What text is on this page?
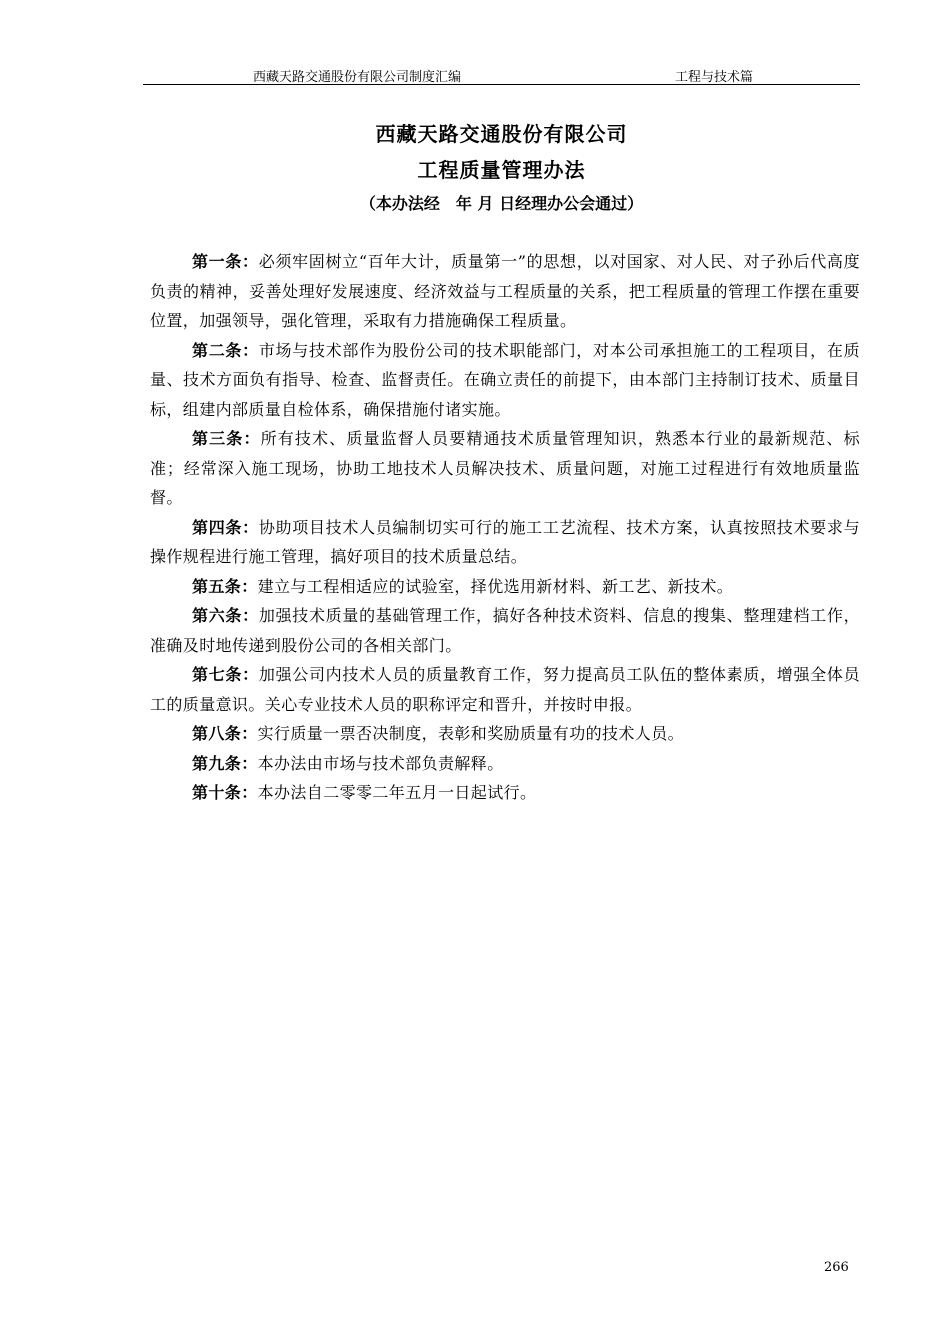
西藏天路交通股份有限公司制度汇编	工程与技术篇
西藏天路交通股份有限公司
工程质量管理办法
（本办法经　年 月 日经理办公会通过）

第一条：必须牢固树立“百年大计，质量第一”的思想，以对国家、对人民、对子孙后代高度负责的精神，妥善处理好发展速度、经济效益与工程质量的关系，把工程质量的管理工作摆在重要位置，加强领导，强化管理，采取有力措施确保工程质量。

第二条：市场与技术部作为股份公司的技术职能部门，对本公司承担施工的工程项目，在质量、技术方面负有指导、检查、监督责任。在确立责任的前提下，由本部门主持制订技术、质量目标，组建内部质量自检体系，确保措施付诸实施。

第三条：所有技术、质量监督人员要精通技术质量管理知识，熟悉本行业的最新规范、标准；经常深入施工现场，协助工地技术人员解决技术、质量问题，对施工过程进行有效地质量监督。

第四条：协助项目技术人员编制切实可行的施工工艺流程、技术方案，认真按照技术要求与操作规程进行施工管理，搞好项目的技术质量总结。

第五条：建立与工程相适应的试验室，择优选用新材料、新工艺、新技术。

第六条：加强技术质量的基础管理工作，搞好各种技术资料、信息的搜集、整理建档工作，准确及时地传递到股份公司的各相关部门。

第七条：加强公司内技术人员的质量教育工作，努力提高员工队伍的整体素质，增强全体员工的质量意识。关心专业技术人员的职称评定和晋升，并按时申报。

第八条：实行质量一票否决制度，表彰和奖励质量有功的技术人员。

第九条：本办法由市场与技术部负责解释。

第十条：本办法自二零零二年五月一日起试行。

266
